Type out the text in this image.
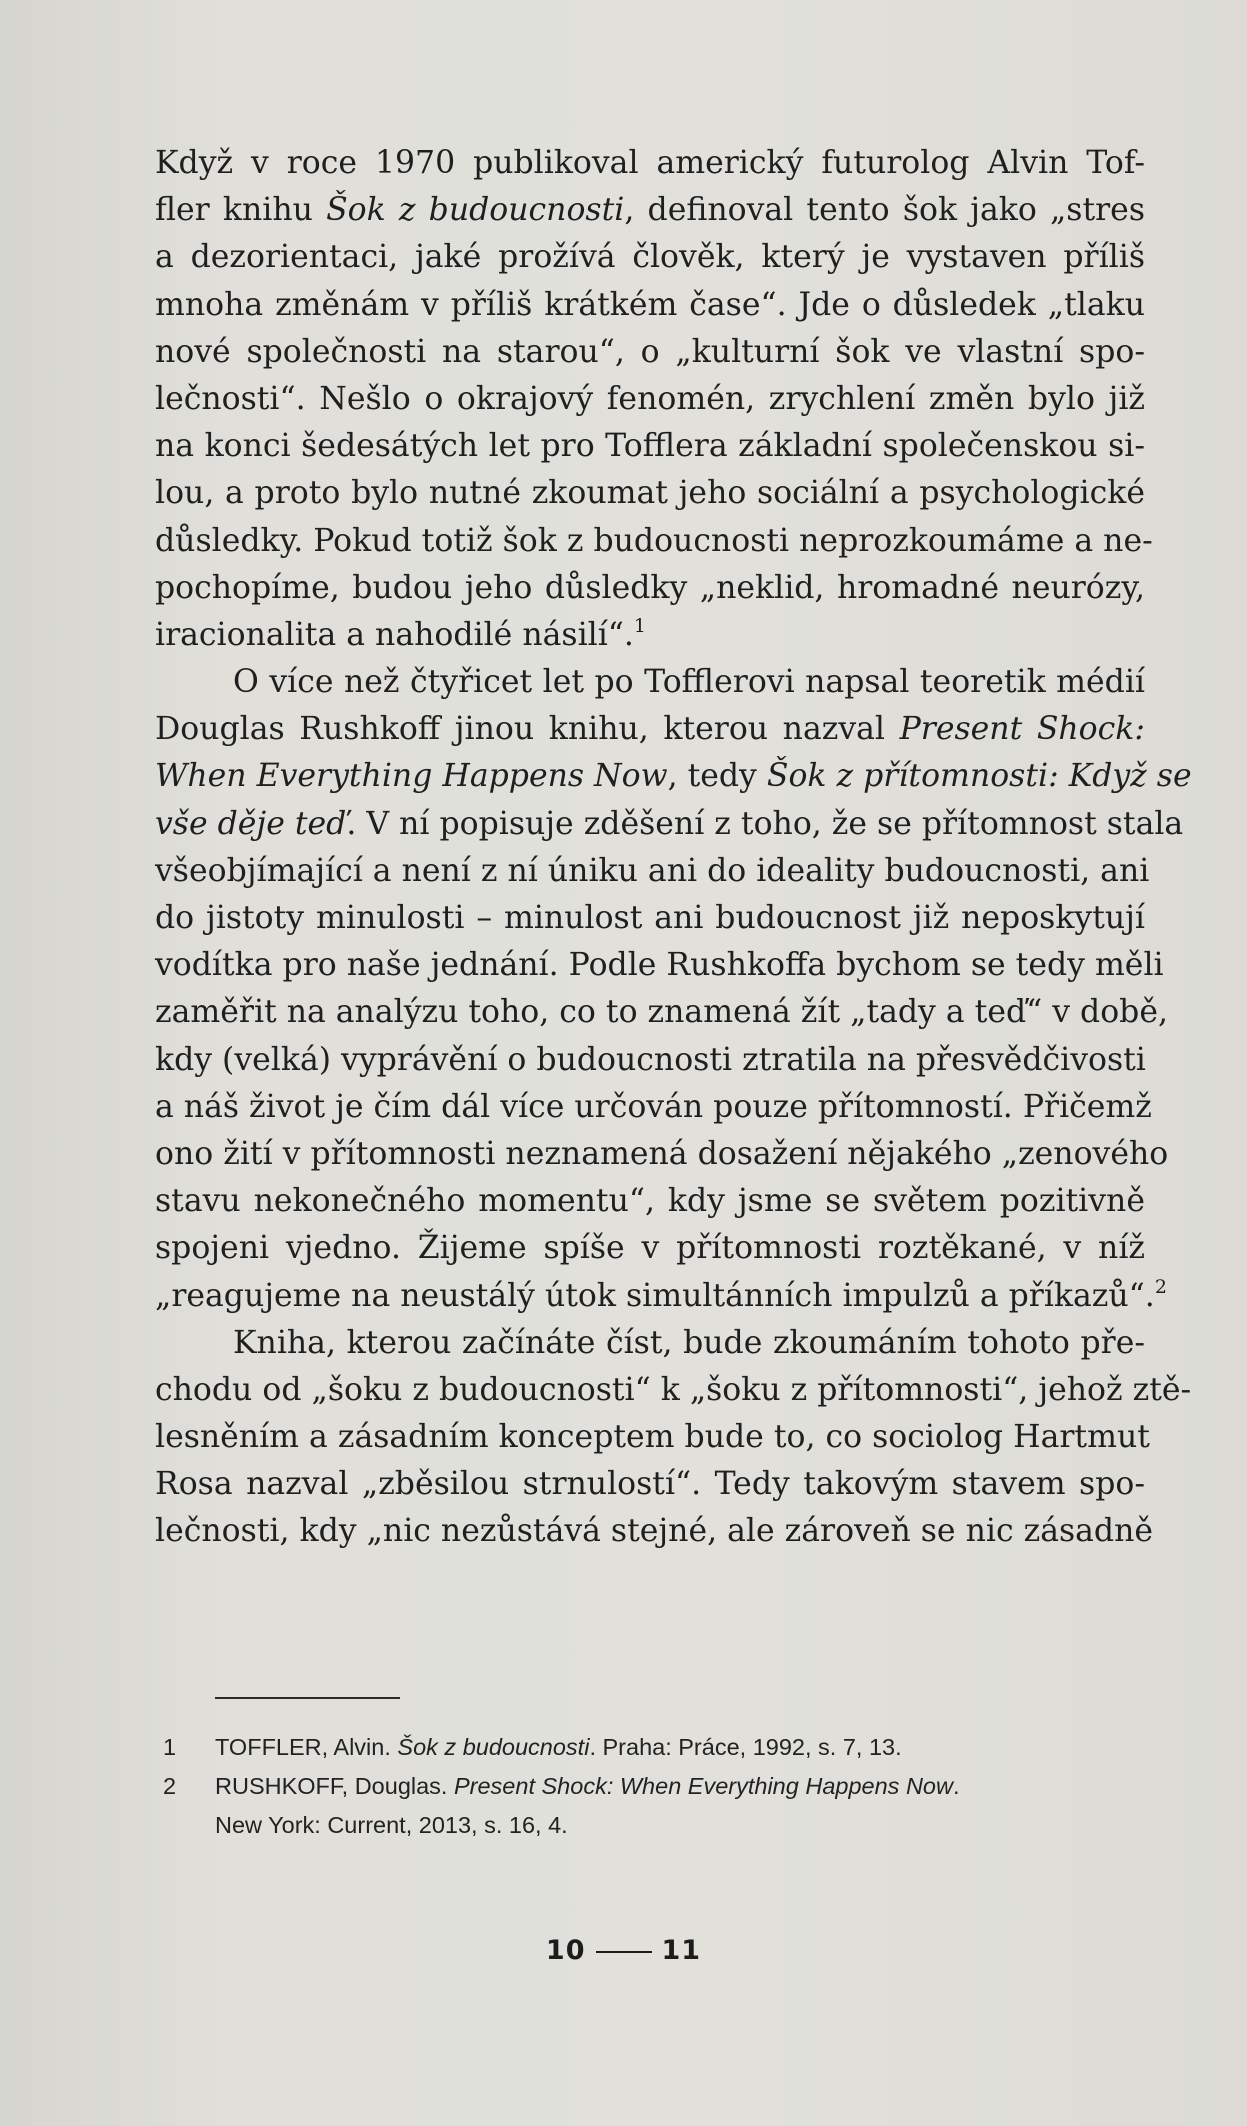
Když v roce 1970 publikoval americký futurolog Alvin Tof-
fler knihu Šok z budoucnosti, definoval tento šok jako „stres
a dezorientaci, jaké prožívá člověk, který je vystaven příliš
mnoha změnám v příliš krátkém čase“. Jde o důsledek „tlaku
nové společnosti na starou“, o „kulturní šok ve vlastní spo-
lečnosti“. Nešlo o okrajový fenomén, zrychlení změn bylo již
na konci šedesátých let pro Tofflera základní společenskou si-
lou, a proto bylo nutné zkoumat jeho sociální a psychologické
důsledky. Pokud totiž šok z budoucnosti neprozkoumáme a ne-
pochopíme, budou jeho důsledky „neklid, hromadné neurózy,
iracionalita a nahodilé násilí“.$^1$
O více než čtyřicet let po Tofflerovi napsal teoretik médií
Douglas Rushkoff jinou knihu, kterou nazval Present Shock:
When Everything Happens Now, tedy Šok z přítomnosti: Když se
vše děje teď. V ní popisuje zděšení z toho, že se přítomnost stala
všeobjímající a není z ní úniku ani do ideality budoucnosti, ani
do jistoty minulosti – minulost ani budoucnost již neposkytují
vodítka pro naše jednání. Podle Rushkoffa bychom se tedy měli
zaměřit na analýzu toho, co to znamená žít „tady a teď“ v době,
kdy (velká) vyprávění o budoucnosti ztratila na přesvědčivosti
a náš život je čím dál více určován pouze přítomností. Přičemž
ono žití v přítomnosti neznamená dosažení nějakého „zenového
stavu nekonečného momentu“, kdy jsme se světem pozitivně
spojeni vjedno. Žijeme spíše v přítomnosti roztěkané, v níž
„reagujeme na neustálý útok simultánních impulzů a příkazů“.$^2$
Kniha, kterou začínáte číst, bude zkoumáním tohoto pře-
chodu od „šoku z budoucnosti“ k „šoku z přítomnosti“, jehož ztě-
lesněním a zásadním konceptem bude to, co sociolog Hartmut
Rosa nazval „zběsilou strnulostí“. Tedy takovým stavem spo-
lečnosti, kdy „nic nezůstává stejné, ale zároveň se nic zásadně
1	TOFFLER, Alvin. Šok z budoucnosti. Praha: Práce, 1992, s. 7, 13.
2	RUSHKOFF, Douglas. Present Shock: When Everything Happens Now.
New York: Current, 2013, s. 16, 4.
10	11
